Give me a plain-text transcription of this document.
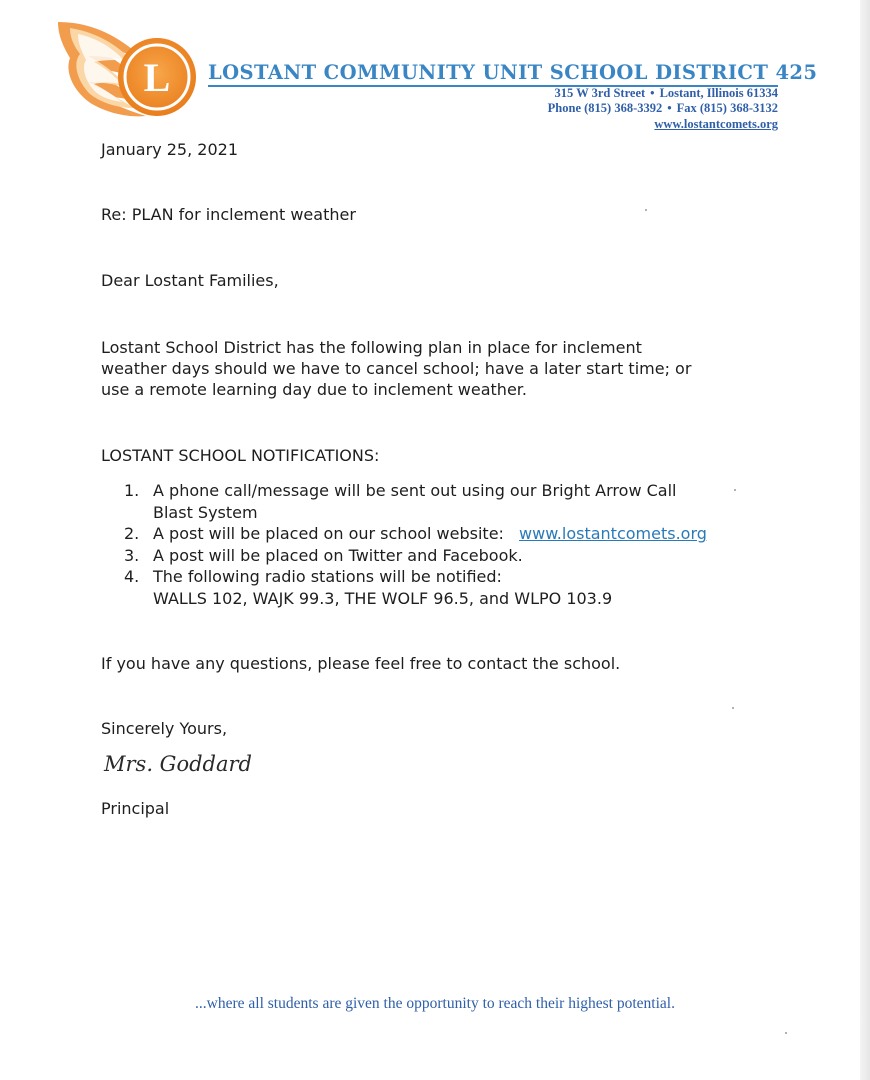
L LOSTANT COMMUNITY UNIT SCHOOL DISTRICT 425
315 W 3rd Street • Lostant, Illinois 61334
Phone (815) 368-3392 • Fax (815) 368-3132
www.lostantcomets.org
January 25, 2021
Re: PLAN for inclement weather
Dear Lostant Families,
Lostant School District has the following plan in place for inclement
weather days should we have to cancel school; have a later start time; or
use a remote learning day due to inclement weather.
LOSTANT SCHOOL NOTIFICATIONS:
1. A phone call/message will be sent out using our Bright Arrow Call
Blast System
2. A post will be placed on our school website: www.lostantcomets.org
3. A post will be placed on Twitter and Facebook.
4. The following radio stations will be notified:
WALLS 102, WAJK 99.3, THE WOLF 96.5, and WLPO 103.9
If you have any questions, please feel free to contact the school.
Sincerely Yours,
Mrs. Goddard
Principal
...where all students are given the opportunity to reach their highest potential.
